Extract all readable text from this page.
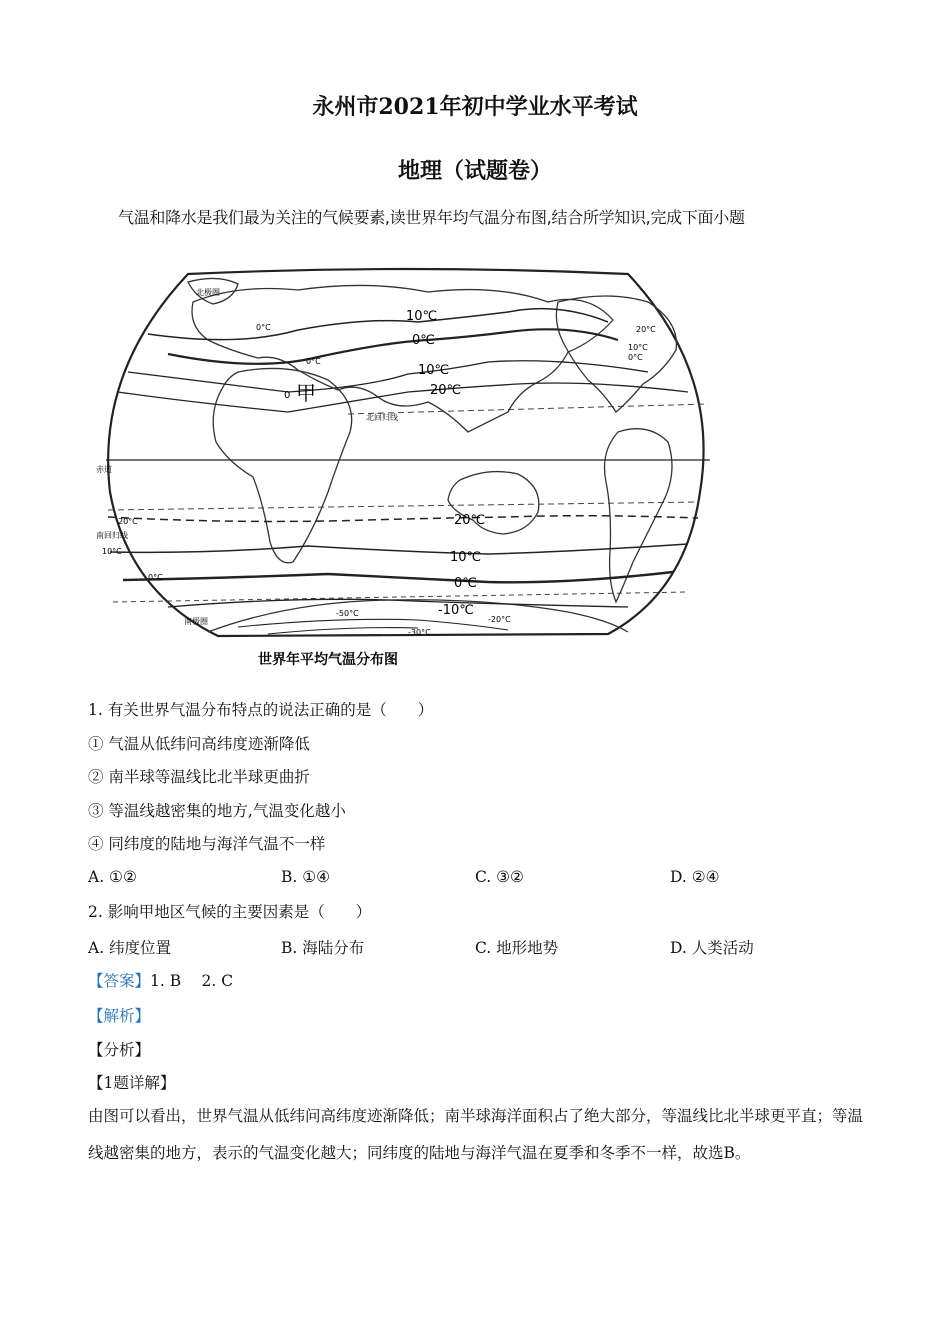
永州市2021年初中学业水平考试
地理（试题卷）
气温和降水是我们最为关注的气候要素,读世界年均气温分布图,结合所学知识,完成下面小题
10℃
0℃
10℃
20℃
20℃
10℃
0℃
-10℃
甲
北回归线
赤道
南回归线
南极圈
北极圈
0°C
0°C
0
20°C
10°C
0°C
20°C
10°C
0°C
-50°C
-30°C
-20°C
世界年平均气温分布图
1. 有关世界气温分布特点的说法正确的是（　　）
① 气温从低纬问高纬度迹渐降低
② 南半球等温线比北半球更曲折
③ 等温线越密集的地方,气温变化越小
④ 同纬度的陆地与海洋气温不一样
A. ①②	B. ①④	C. ③②	D. ②④
2. 影响甲地区气候的主要因素是（　　）
A. 纬度位置	B. 海陆分布	C. 地形地势	D. 人类活动
【答案】1. B　 2. C
【解析】
【分析】
【1题详解】
由图可以看出，世界气温从低纬问高纬度迹渐降低；南半球海洋面积占了绝大部分，等温线比北半球更平直；等温线越密集的地方，表示的气温变化越大；同纬度的陆地与海洋气温在夏季和冬季不一样，故选B。
